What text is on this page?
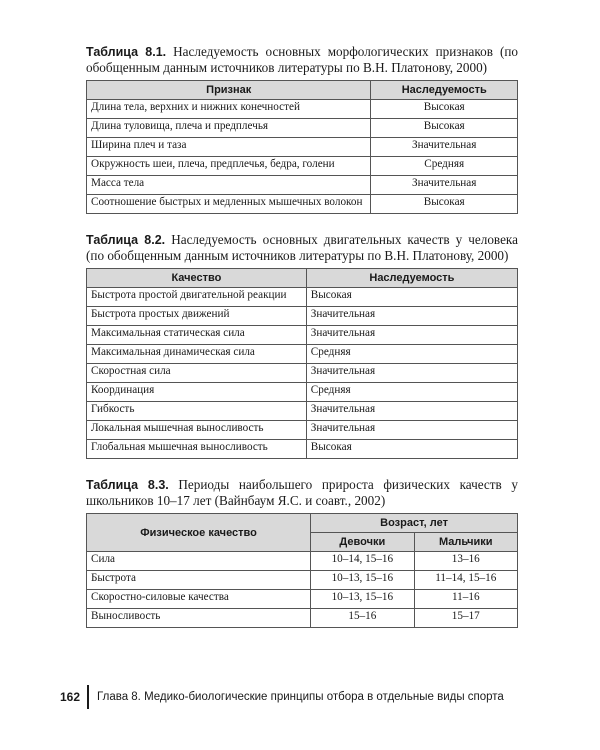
Таблица 8.1. Наследуемость основных морфологических признаков (по обобщенным данным источников литературы по В.Н. Платонову, 2000)

Признак	Наследуемость
Длина тела, верхних и нижних конечностей	Высокая
Длина туловища, плеча и предплечья	Высокая
Ширина плеч и таза	Значительная
Окружность шеи, плеча, предплечья, бедра, голени	Средняя
Масса тела	Значительная
Соотношение быстрых и медленных мышечных волокон	Высокая

Таблица 8.2. Наследуемость основных двигательных качеств у человека (по обобщенным данным источников литературы по В.Н. Платонову, 2000)

Качество	Наследуемость
Быстрота простой двигательной реакции	Высокая
Быстрота простых движений	Значительная
Максимальная статическая сила	Значительная
Максимальная динамическая сила	Средняя
Скоростная сила	Значительная
Координация	Средняя
Гибкость	Значительная
Локальная мышечная выносливость	Значительная
Глобальная мышечная выносливость	Высокая

Таблица 8.3. Периоды наибольшего прироста физических качеств у школьников 10–17 лет (Вайнбаум Я.С. и соавт., 2002)

Физическое качество	Возраст, лет	
	Девочки	Мальчики
Сила	10–14, 15–16	13–16
Быстрота	10–13, 15–16	11–14, 15–16
Скоростно-силовые качества	10–13, 15–16	11–16
Выносливость	15–16	15–17
162	Глава 8. Медико-биологические принципы отбора в отдельные виды спорта
